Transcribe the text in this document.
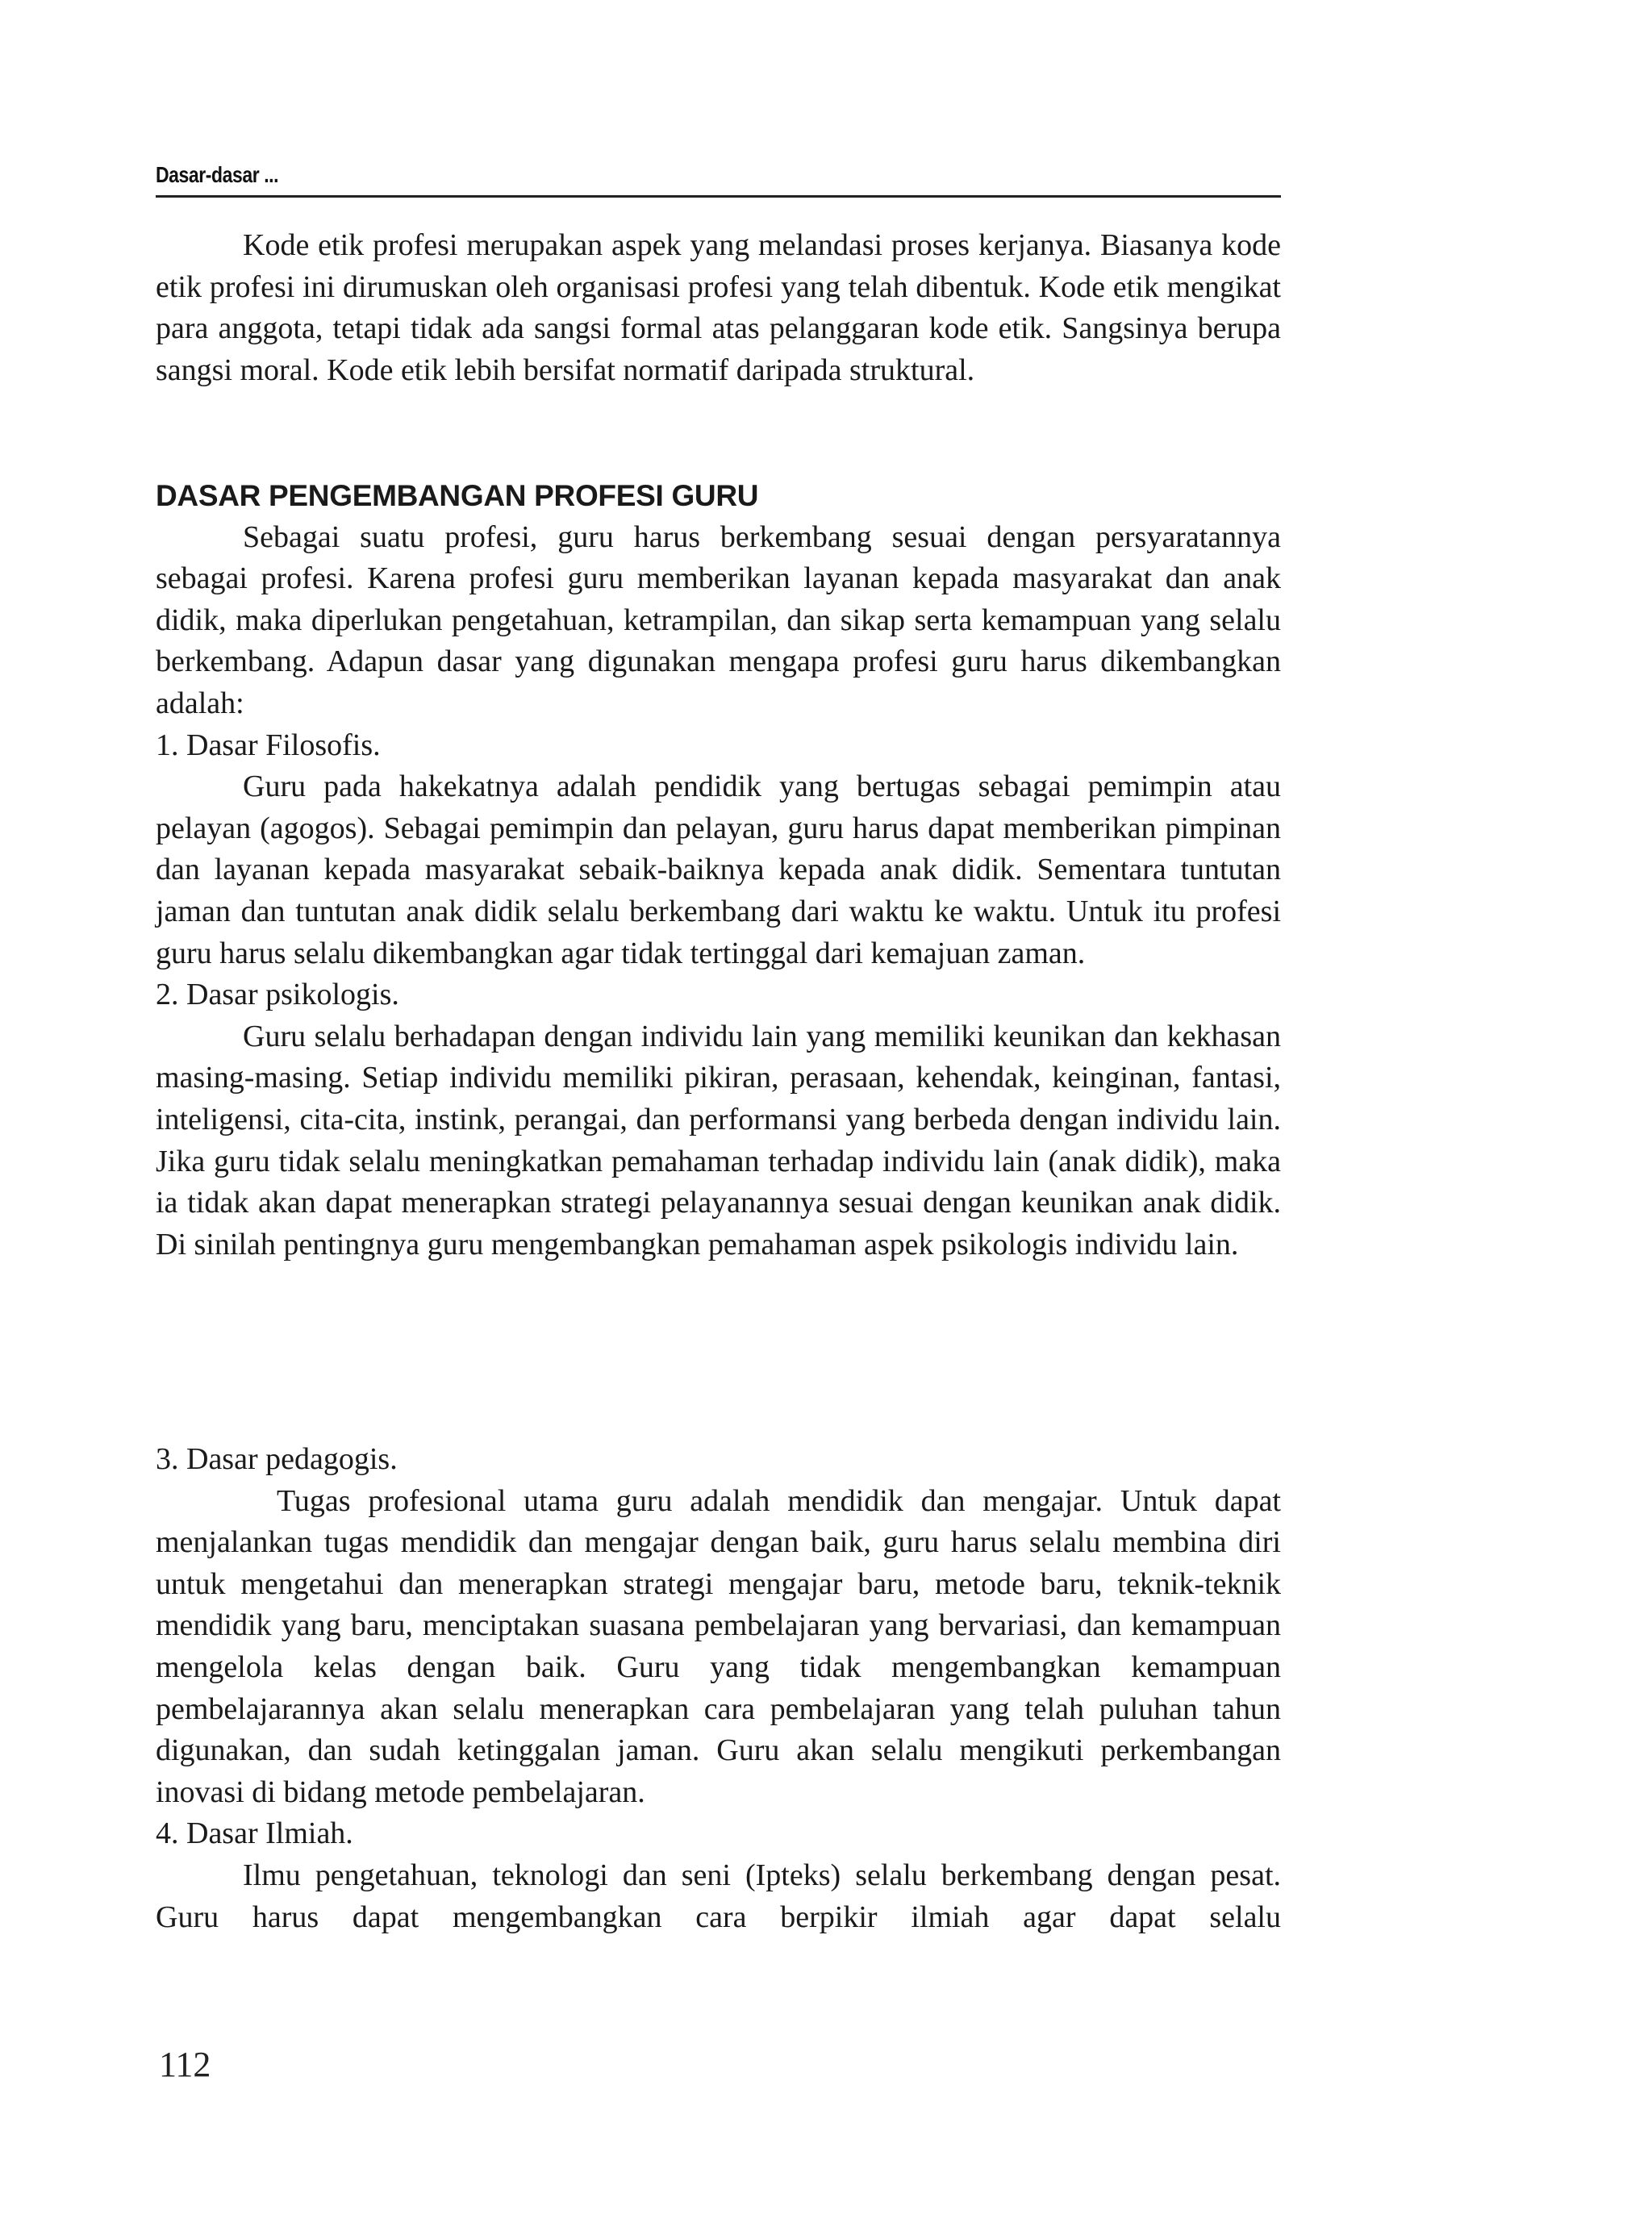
Dasar-dasar ...

Kode etik profesi merupakan aspek yang melandasi proses kerjanya. Biasanya kode etik profesi ini dirumuskan oleh organisasi profesi yang telah dibentuk. Kode etik mengikat para anggota, tetapi tidak ada sangsi formal atas pelanggaran kode etik. Sangsinya berupa sangsi moral. Kode etik lebih bersifat normatif daripada struktural.

DASAR PENGEMBANGAN PROFESI GURU

Sebagai suatu profesi, guru harus berkembang sesuai dengan persyaratannya sebagai profesi. Karena profesi guru memberikan layanan kepada masyarakat dan anak didik, maka diperlukan pengetahuan, ketrampilan, dan sikap serta kemampuan yang selalu berkembang. Adapun dasar yang digunakan mengapa profesi guru harus dikembangkan adalah:

1. Dasar Filosofis.

Guru pada hakekatnya adalah pendidik yang bertugas sebagai pemimpin atau pelayan (agogos). Sebagai pemimpin dan pelayan, guru harus dapat memberikan pimpinan dan layanan kepada masyarakat sebaik-baiknya kepada anak didik. Sementara tuntutan jaman dan tuntutan anak didik selalu berkembang dari waktu ke waktu. Untuk itu profesi guru harus selalu dikembangkan agar tidak tertinggal dari kemajuan zaman.

2. Dasar psikologis.

Guru selalu berhadapan dengan individu lain yang memiliki keunikan dan kekhasan masing-masing. Setiap individu memiliki pikiran, perasaan, kehendak, keinginan, fantasi, inteligensi, cita-cita, instink, perangai, dan performansi yang berbeda dengan individu lain. Jika guru tidak selalu meningkatkan pemahaman terhadap individu lain (anak didik), maka ia tidak akan dapat menerapkan strategi pelayanannya sesuai dengan keunikan anak didik. Di sinilah pentingnya guru mengembangkan pemahaman aspek psikologis individu lain.

3. Dasar pedagogis.

Tugas profesional utama guru adalah mendidik dan mengajar. Untuk dapat menjalankan tugas mendidik dan mengajar dengan baik, guru harus selalu membina diri untuk mengetahui dan menerapkan strategi mengajar baru, metode baru, teknik-teknik mendidik yang baru, menciptakan suasana pembelajaran yang bervariasi, dan kemampuan mengelola kelas dengan baik. Guru yang tidak mengembangkan kemampuan pembelajarannya akan selalu menerapkan cara pembelajaran yang telah puluhan tahun digunakan, dan sudah ketinggalan jaman. Guru akan selalu mengikuti perkembangan inovasi di bidang metode pembelajaran.

4. Dasar Ilmiah.

Ilmu pengetahuan, teknologi dan seni (Ipteks) selalu berkembang dengan pesat. Guru harus dapat mengembangkan cara berpikir ilmiah agar dapat selalu

112
